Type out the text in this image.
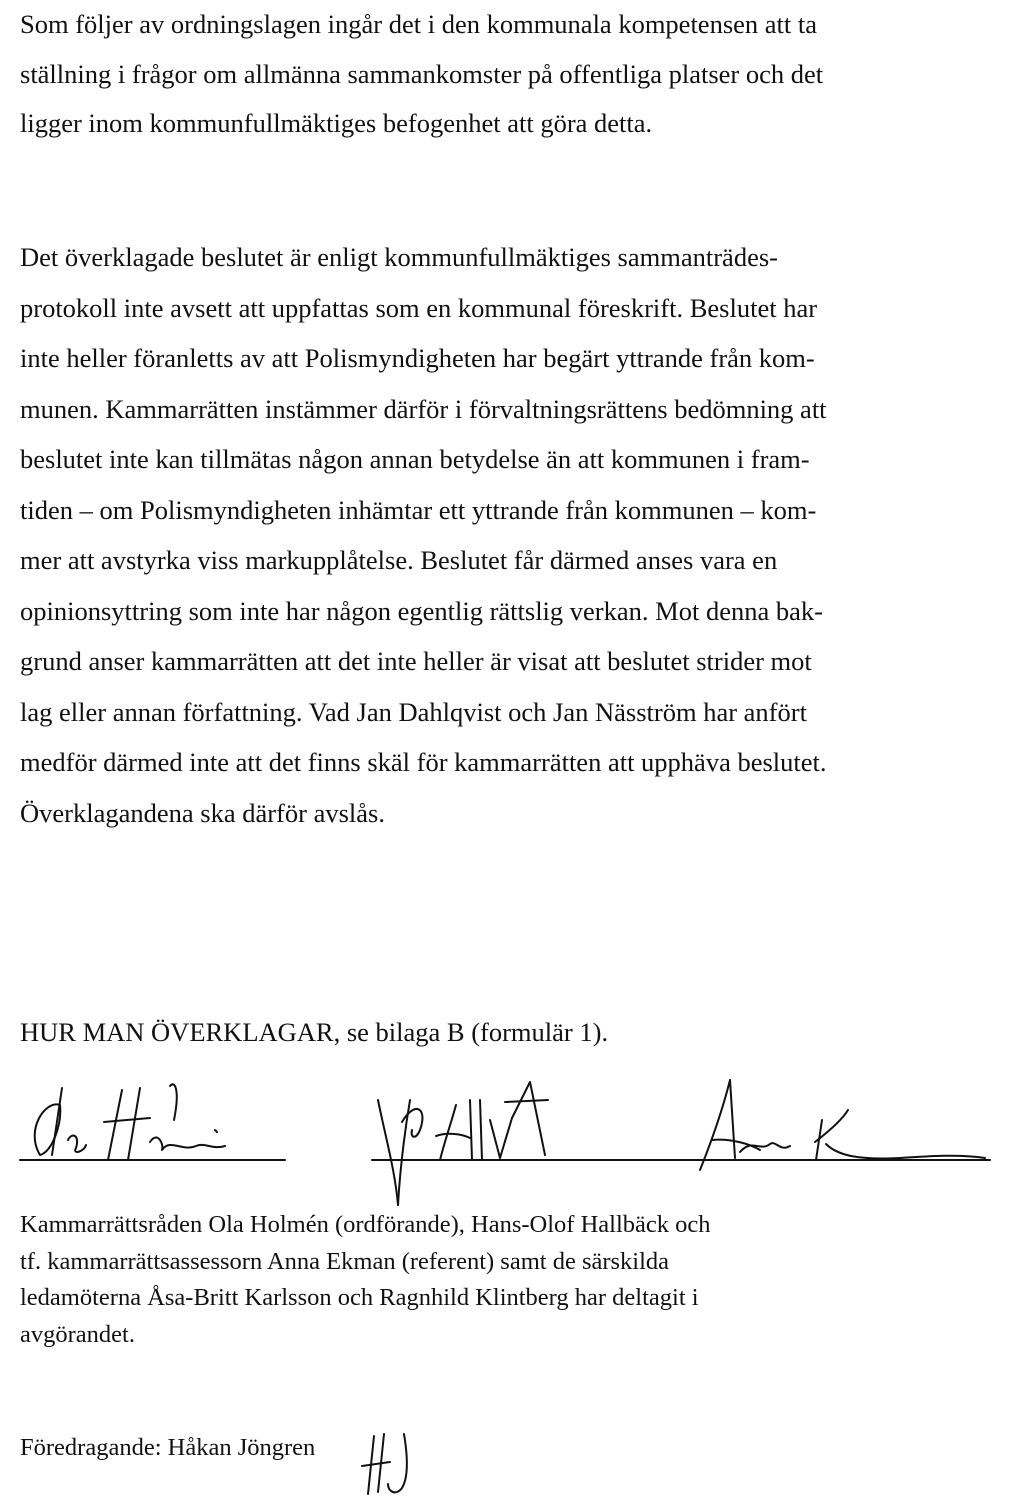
Som följer av ordningslagen ingår det i den kommunala kompetensen att ta
ställning i frågor om allmänna sammankomster på offentliga platser och det
ligger inom kommunfullmäktiges befogenhet att göra detta.
Det överklagade beslutet är enligt kommunfullmäktiges sammanträdes-
protokoll inte avsett att uppfattas som en kommunal föreskrift. Beslutet har
inte heller föranletts av att Polismyndigheten har begärt yttrande från kom-
munen. Kammarrätten instämmer därför i förvaltningsrättens bedömning att
beslutet inte kan tillmätas någon annan betydelse än att kommunen i fram-
tiden – om Polismyndigheten inhämtar ett yttrande från kommunen – kom-
mer att avstyrka viss markupplåtelse. Beslutet får därmed anses vara en
opinionsyttring som inte har någon egentlig rättslig verkan. Mot denna bak-
grund anser kammarrätten att det inte heller är visat att beslutet strider mot
lag eller annan författning. Vad Jan Dahlqvist och Jan Näsström har anfört
medför därmed inte att det finns skäl för kammarrätten att upphäva beslutet.
Överklagandena ska därför avslås.
HUR MAN ÖVERKLAGAR, se bilaga B (formulär 1).
Kammarrättsråden Ola Holmén (ordförande), Hans-Olof Hallbäck och
tf. kammarrättsassessorn Anna Ekman (referent) samt de särskilda
ledamöterna Åsa-Britt Karlsson och Ragnhild Klintberg har deltagit i
avgörandet.
Föredragande: Håkan Jöngren
